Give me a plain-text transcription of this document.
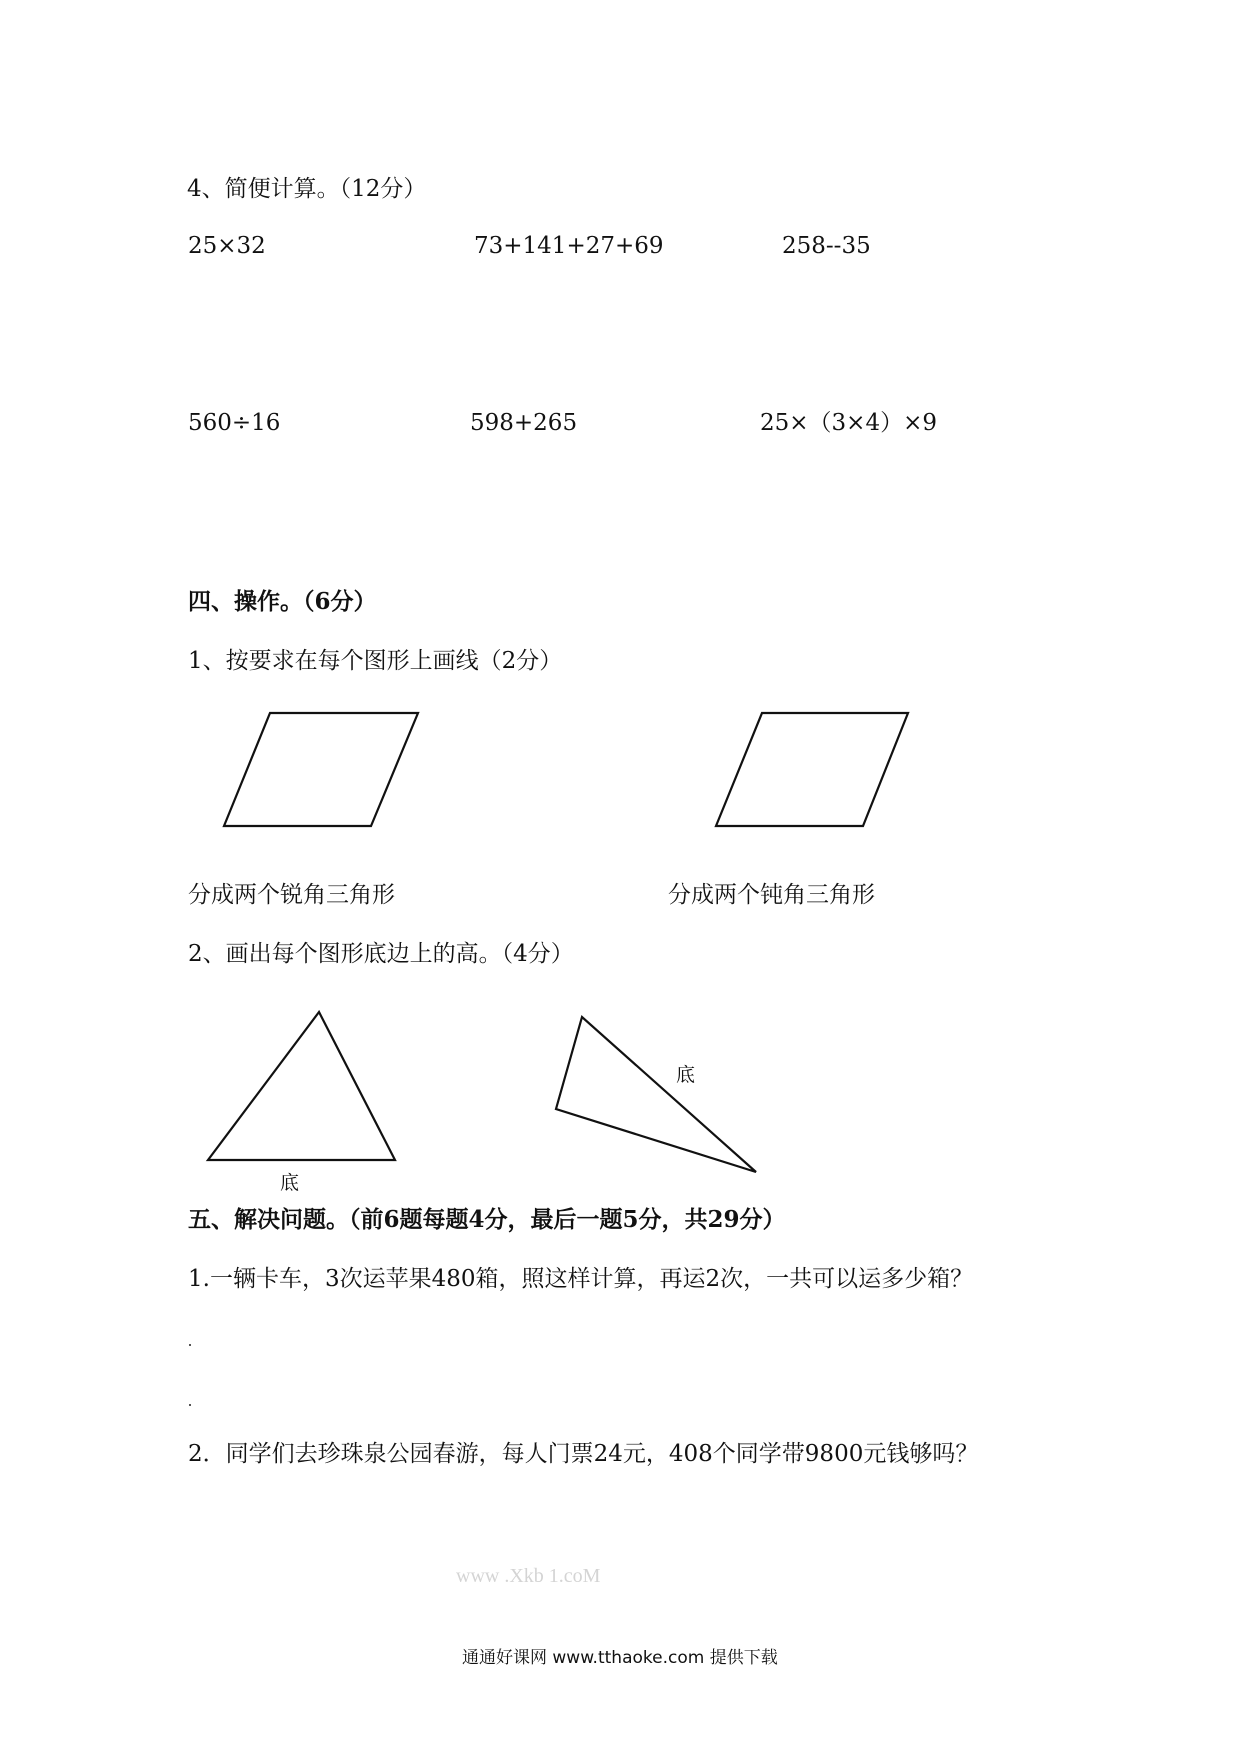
4、简便计算。（12分）
25×32	73+141+27+69	258--35
560÷16	598+265	25×（3×4）×9
四、操作。（6分）
1、按要求在每个图形上画线（2分）
分成两个锐角三角形	分成两个钝角三角形
2、画出每个图形底边上的高。（4分）
底
底
五、解决问题。（前6题每题4分，最后一题5分，共29分）
1.一辆卡车，3次运苹果480箱，照这样计算，再运2次，一共可以运多少箱？
2．同学们去珍珠泉公园春游，每人门票24元，408个同学带9800元钱够吗？
www .Xkb 1.coM
通通好课网 www.tthaoke.com 提供下载
